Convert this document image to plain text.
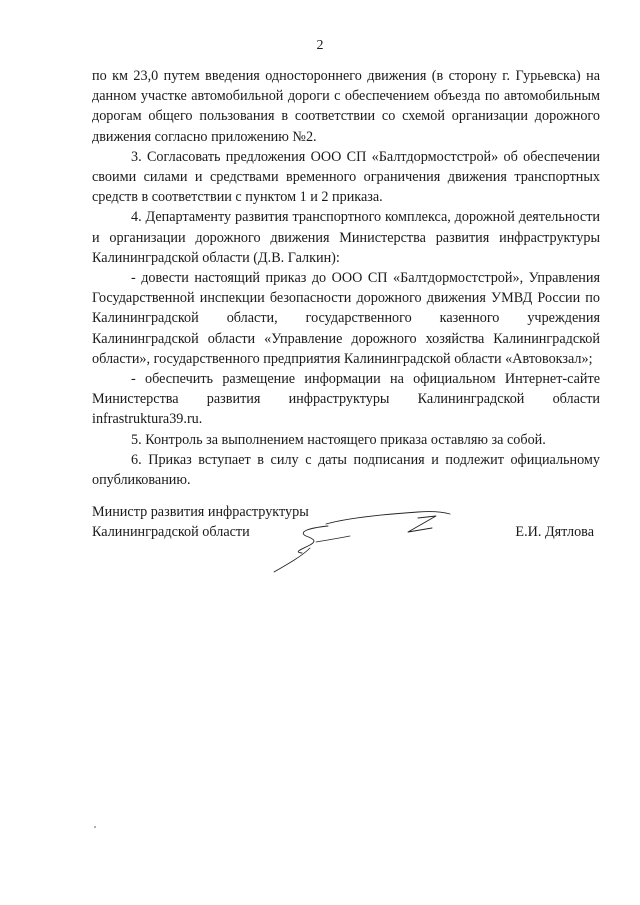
2

по км 23,0 путем введения одностороннего движения (в сторону г. Гурьевска) на данном участке автомобильной дороги с обеспечением объезда по автомобильным дорогам общего пользования в соответствии со схемой организации дорожного движения согласно приложению №2.

3. Согласовать предложения ООО СП «Балтдормостстрой» об обеспечении своими силами и средствами временного ограничения движения транспортных средств в соответствии с пунктом 1 и 2 приказа.

4. Департаменту развития транспортного комплекса, дорожной деятельности и организации дорожного движения Министерства развития инфраструктуры Калининградской области (Д.В. Галкин):

- довести настоящий приказ до ООО СП «Балтдормостстрой», Управления Государственной инспекции безопасности дорожного движения УМВД России по Калининградской области, государственного казенного учреждения Калининградской области «Управление дорожного хозяйства Калининградской области», государственного предприятия Калининградской области «Автовокзал»;

- обеспечить размещение информации на официальном Интернет-сайте Министерства развития инфраструктуры Калининградской области infrastruktura39.ru.

5. Контроль за выполнением настоящего приказа оставляю за собой.

6. Приказ вступает в силу с даты подписания и подлежит официальному опубликованию.

Министр развития инфраструктуры
Калининградской области	Е.И. Дятлова
